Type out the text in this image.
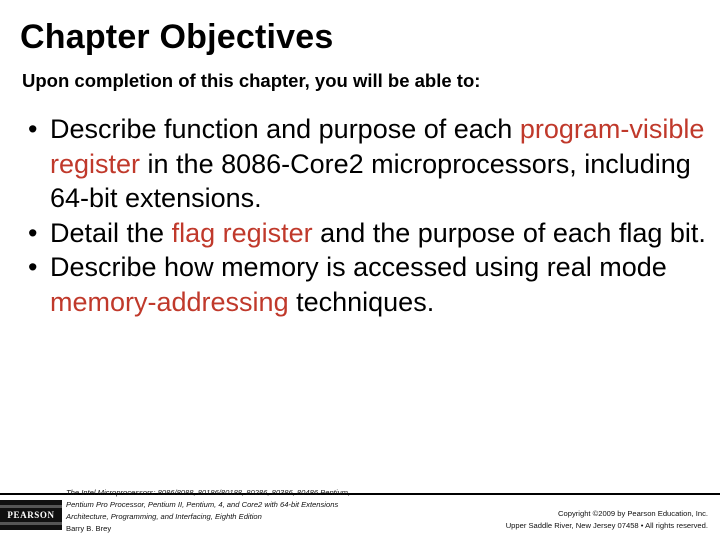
Chapter Objectives

Upon completion of this chapter, you will be able to:

• Describe function and purpose of each program-visible register in the 8086-Core2 microprocessors, including 64-bit extensions.
• Detail the flag register and the purpose of each flag bit.
• Describe how memory is accessed using real mode memory-addressing techniques.
PEARSON
The Intel Microprocessors: 8086/8088, 80186/80188, 80286, 80386, 80486 Pentium,
Pentium Pro Processor, Pentium II, Pentium, 4, and Core2 with 64-bit Extensions
Architecture, Programming, and Interfacing, Eighth Edition
Barry B. Brey
Copyright ©2009 by Pearson Education, Inc.
Upper Saddle River, New Jersey 07458 • All rights reserved.
